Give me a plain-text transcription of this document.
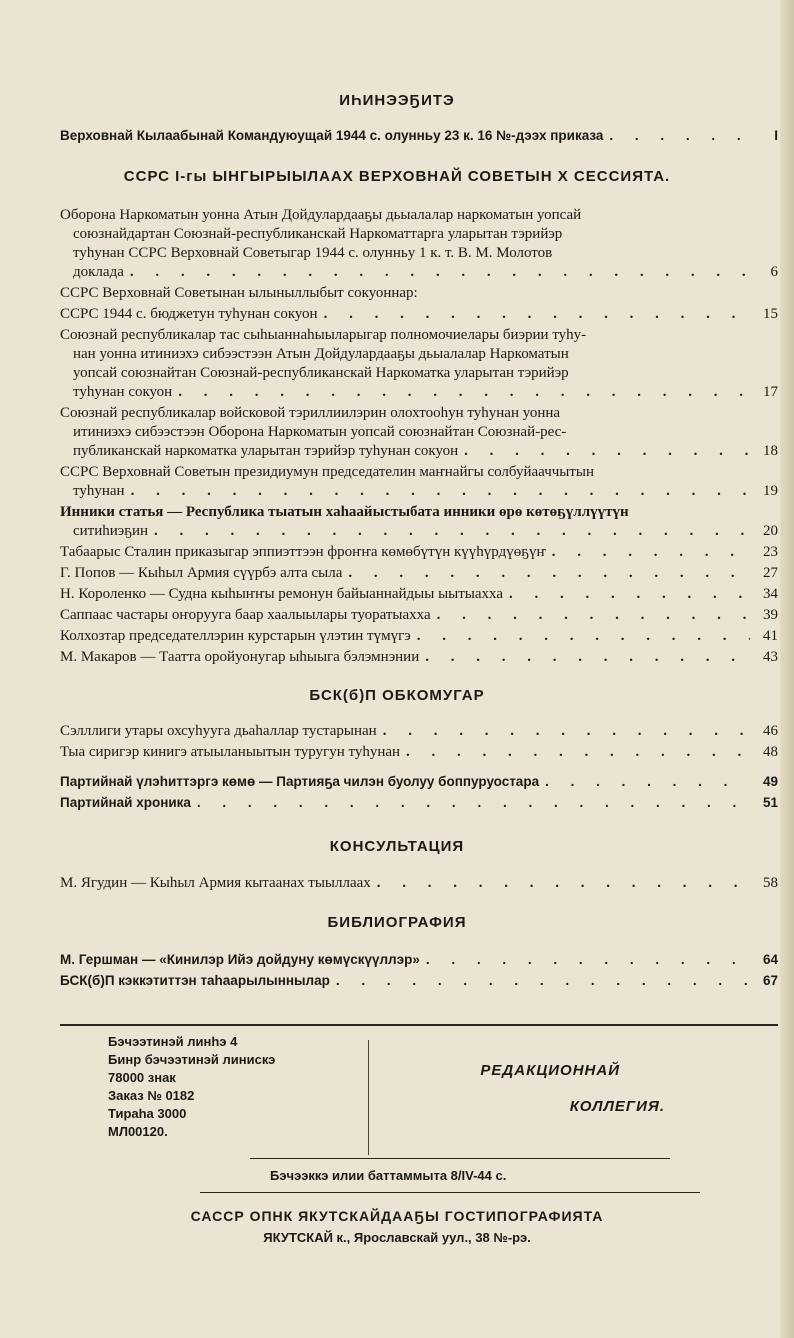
ИҺИНЭЭҔИТЭ
Верховнай Кылаабынай Командуюущай 1944 с. олунньу 23 к. 16 №-дээх приказа . . .	I
ССРС I-гы ЫНГЫРЫЫЛААХ ВЕРХОВНАЙ СОВЕТЫН Х СЕССИЯТА.
Оборона Наркоматын уонна Атын Дойдулардааҕы дьыалалар наркоматын уопсай
союзнайдартан Союзнай-республиканскай Наркоматтарга уларытан тэрийэр
туһунан ССРС Верховнай Советыгар 1944 с. олунньу 1 к. т. В. М. Молотов
доклада . . .	6
ССРС Верховнай Советынан ылыныллыбыт сокуоннар:
ССРС 1944 с. бюджетун туһунан сокуон . . .	15
Союзнай республикалар тас сыһыаннаһыыларыгар полномочиелары биэрии туһу-
нан уонна итиниэхэ сибээстээн Атын Дойдулардааҕы дьыалалар Наркоматын
уопсай союзнайтан Союзнай-республиканскай Наркоматка уларытан тэрийэр
туһунан сокуон . . .	17
Союзнай республикалар войсковой тэриллиилэрин олохтооһун туһунан уонна
итиниэхэ сибээстээн Оборона Наркоматын уопсай союзнайтан Союзнай-рес-
публиканскай наркоматка уларытан тэрийэр туһунан сокуон . . .	18
ССРС Верховнай Советын президиумун председателин маҥнайгы солбуйааччытын
туһунан . . .	19
Инники статья — Республика тыатын хаһаайыстыбата инники өрө көтөҕүллүүтүн
ситиһиэҕин . . .	20
Табаарыс Сталин приказыгар эппиэттээн фроҥҥа көмөбүтүн күүһүрдүөҕүҥ . . .	23
Г. Попов — Кыһыл Армия сүүрбэ алта сыла . . .	27
Н. Короленко — Судна кыһыҥҥы ремонун байыаннайдыы ыытыахха . . .	34
Саппаас частары оҥоруугa баар хаалыылары туоратыахха . . .	39
Колхозтар председателлэрин курстарын үлэтин түмүгэ . . .	41
М. Макаров — Таатта оройуонугар ыһыыга бэлэмнэнии . . .	43
БСК(б)П ОБКОМУГАР
Сэлллиги утары охсуһууга дьаһаллар тустарынан . . .	46
Тыа сиригэр кинигэ атыыланыытын туругун туһунан . . .	48
Партийнай үлэһиттэргэ көмө — Партияҕа чилэн буолуу боппуруостара . . .	49
Партийнай хроника . . .	51
КОНСУЛЬТАЦИЯ
М. Ягудин — Кыһыл Армия кытаанах тыыллаах . . .	58
БИБЛИОГРАФИЯ
М. Гершман — «Кинилэр Ийэ дойдуну көмүскүүллэр» . . .	64
БСК(б)П кэккэтиттэн таһаарылыннылар . . .	67
Бэчээтинэй линһэ 4
Бинр бэчээтинэй линискэ
78000 знак
Заказ № 0182
Тираһа 3000
МЛ00120.
РЕДАКЦИОННАЙ
КОЛЛЕГИЯ.
Бэчээккэ илии баттаммыта 8/IV-44 с.
САССР ОПНК ЯКУТСКАЙДААҔЫ ГОСТИПОГРАФИЯТА
ЯКУТСКАЙ к., Ярославскай уул., 38 №-рэ.
